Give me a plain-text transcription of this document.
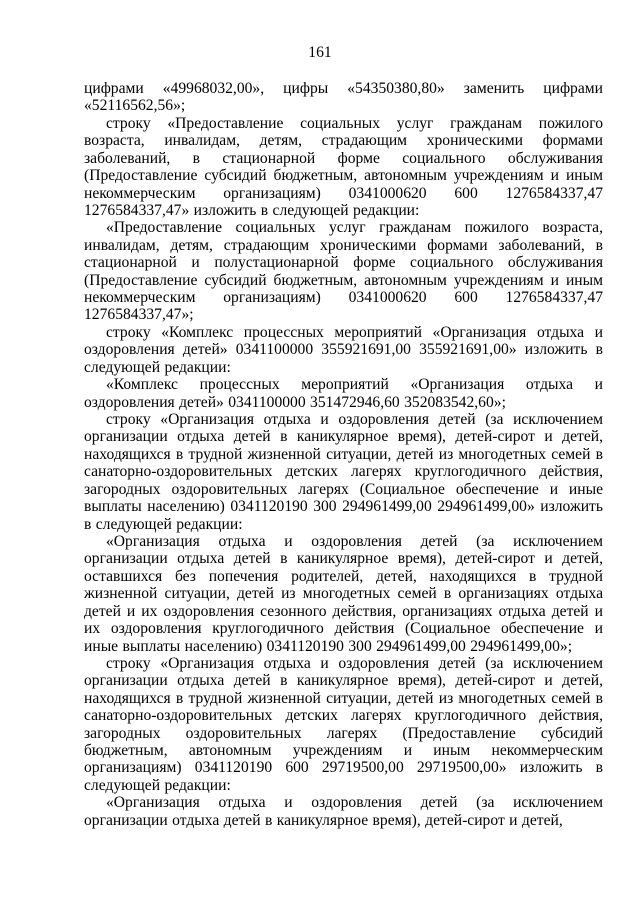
161

цифрами «49968032,00», цифры «54350380,80» заменить цифрами «52116562,56»;

строку «Предоставление социальных услуг гражданам пожилого возраста, инвалидам, детям, страдающим хроническими формами заболеваний, в стационарной форме социального обслуживания (Предоставление субсидий бюджетным, автономным учреждениям и иным некоммерческим организациям) 0341000620 600 1276584337,47 1276584337,47» изложить в следующей редакции:

«Предоставление социальных услуг гражданам пожилого возраста, инвалидам, детям, страдающим хроническими формами заболеваний, в стационарной и полустационарной форме социального обслуживания (Предоставление субсидий бюджетным, автономным учреждениям и иным некоммерческим организациям) 0341000620 600 1276584337,47 1276584337,47»;

строку «Комплекс процессных мероприятий «Организация отдыха и оздоровления детей» 0341100000 355921691,00 355921691,00» изложить в следующей редакции:

«Комплекс процессных мероприятий «Организация отдыха и оздоровления детей» 0341100000 351472946,60 352083542,60»;

строку «Организация отдыха и оздоровления детей (за исключением организации отдыха детей в каникулярное время), детей-сирот и детей, находящихся в трудной жизненной ситуации, детей из многодетных семей в санаторно-оздоровительных детских лагерях круглогодичного действия, загородных оздоровительных лагерях (Социальное обеспечение и иные выплаты населению) 0341120190 300 294961499,00 294961499,00» изложить в следующей редакции:

«Организация отдыха и оздоровления детей (за исключением организации отдыха детей в каникулярное время), детей-сирот и детей, оставшихся без попечения родителей, детей, находящихся в трудной жизненной ситуации, детей из многодетных семей в организациях отдыха детей и их оздоровления сезонного действия, организациях отдыха детей и их оздоровления круглогодичного действия (Социальное обеспечение и иные выплаты населению) 0341120190 300 294961499,00 294961499,00»;

строку «Организация отдыха и оздоровления детей (за исключением организации отдыха детей в каникулярное время), детей-сирот и детей, находящихся в трудной жизненной ситуации, детей из многодетных семей в санаторно-оздоровительных детских лагерях круглогодичного действия, загородных оздоровительных лагерях (Предоставление субсидий бюджетным, автономным учреждениям и иным некоммерческим организациям) 0341120190 600 29719500,00 29719500,00» изложить в следующей редакции:

«Организация отдыха и оздоровления детей (за исключением организации отдыха детей в каникулярное время), детей-сирот и детей,
